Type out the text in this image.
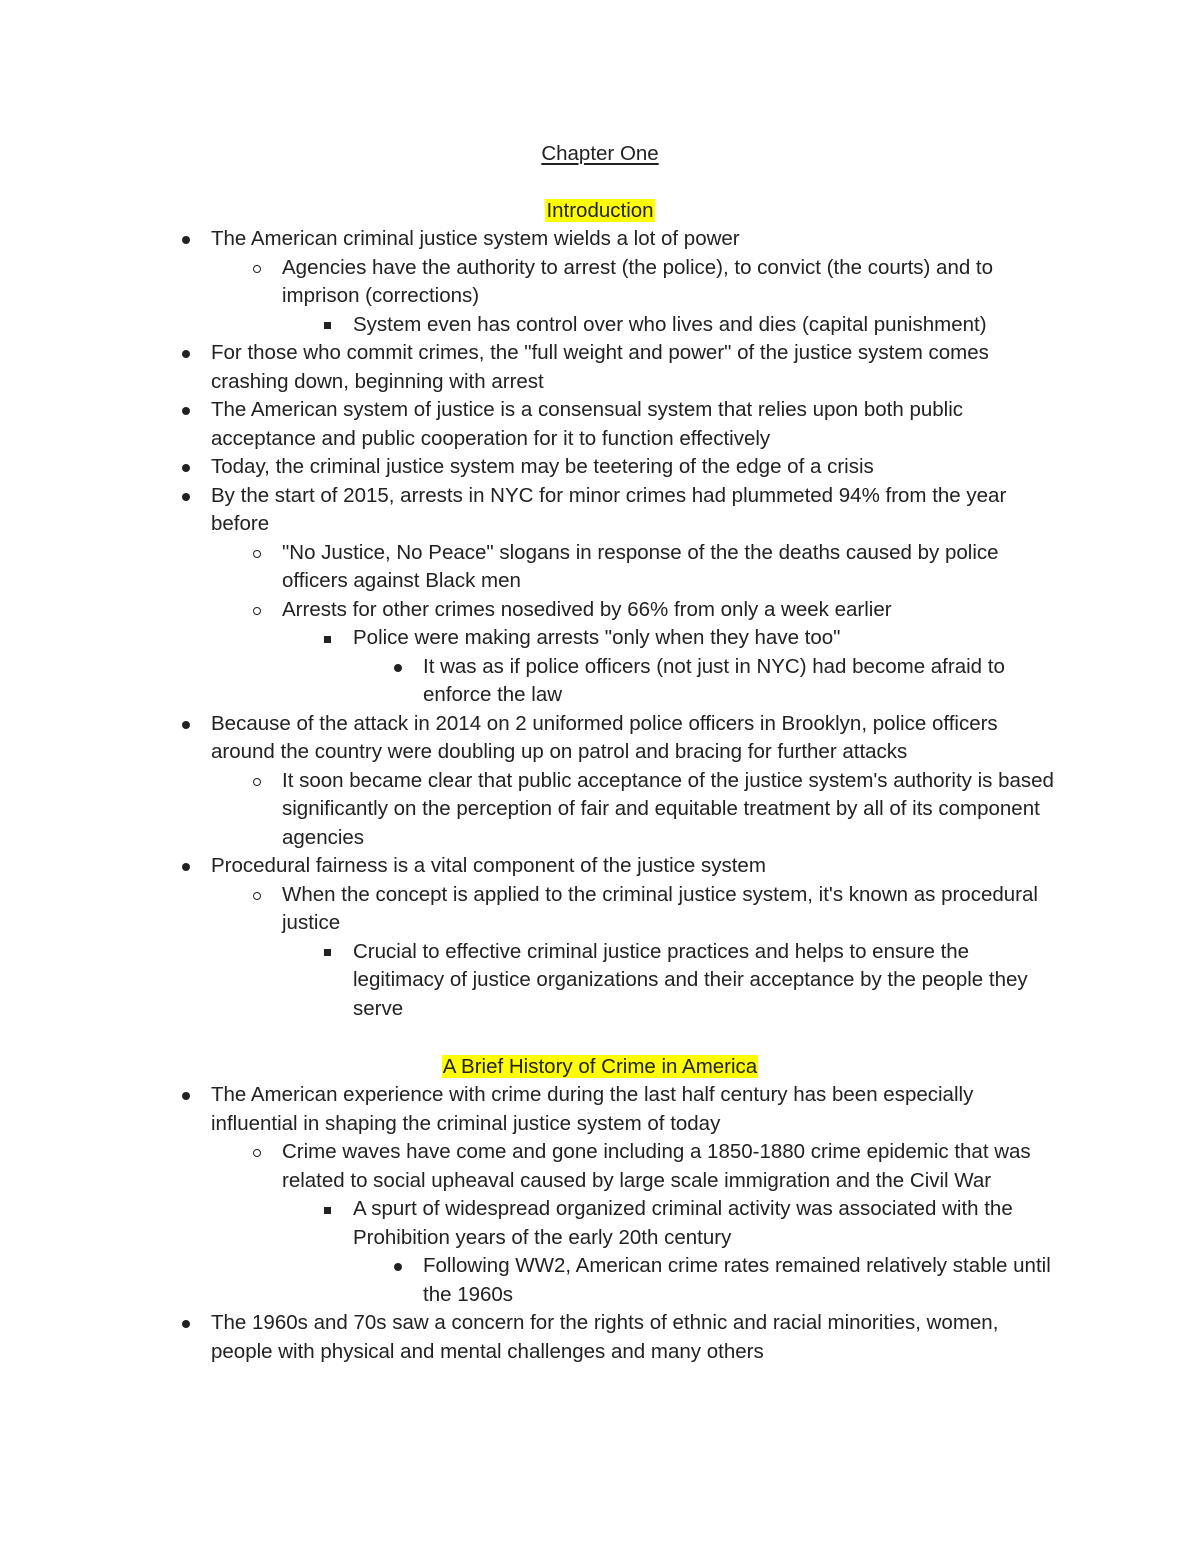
Chapter One
Introduction
The American criminal justice system wields a lot of power
Agencies have the authority to arrest (the police), to convict (the courts) and to imprison (corrections)
System even has control over who lives and dies (capital punishment)
For those who commit crimes, the "full weight and power" of the justice system comes crashing down, beginning with arrest
The American system of justice is a consensual system that relies upon both public acceptance and public cooperation for it to function effectively
Today, the criminal justice system may be teetering of the edge of a crisis
By the start of 2015, arrests in NYC for minor crimes had plummeted 94% from the year before
"No Justice, No Peace" slogans in response of the the deaths caused by police officers against Black men
Arrests for other crimes nosedived by 66% from only a week earlier
Police were making arrests "only when they have too"
It was as if police officers (not just in NYC) had become afraid to enforce the law
Because of the attack in 2014 on 2 uniformed police officers in Brooklyn, police officers around the country were doubling up on patrol and bracing for further attacks
It soon became clear that public acceptance of the justice system's authority is based significantly on the perception of fair and equitable treatment by all of its component agencies
Procedural fairness is a vital component of the justice system
When the concept is applied to the criminal justice system, it's known as procedural justice
Crucial to effective criminal justice practices and helps to ensure the legitimacy of justice organizations and their acceptance by the people they serve
A Brief History of Crime in America
The American experience with crime during the last half century has been especially influential in shaping the criminal justice system of today
Crime waves have come and gone including a 1850-1880 crime epidemic that was related to social upheaval caused by large scale immigration and the Civil War
A spurt of widespread organized criminal activity was associated with the Prohibition years of the early 20th century
Following WW2, American crime rates remained relatively stable until the 1960s
The 1960s and 70s saw a concern for the rights of ethnic and racial minorities, women, people with physical and mental challenges and many others
